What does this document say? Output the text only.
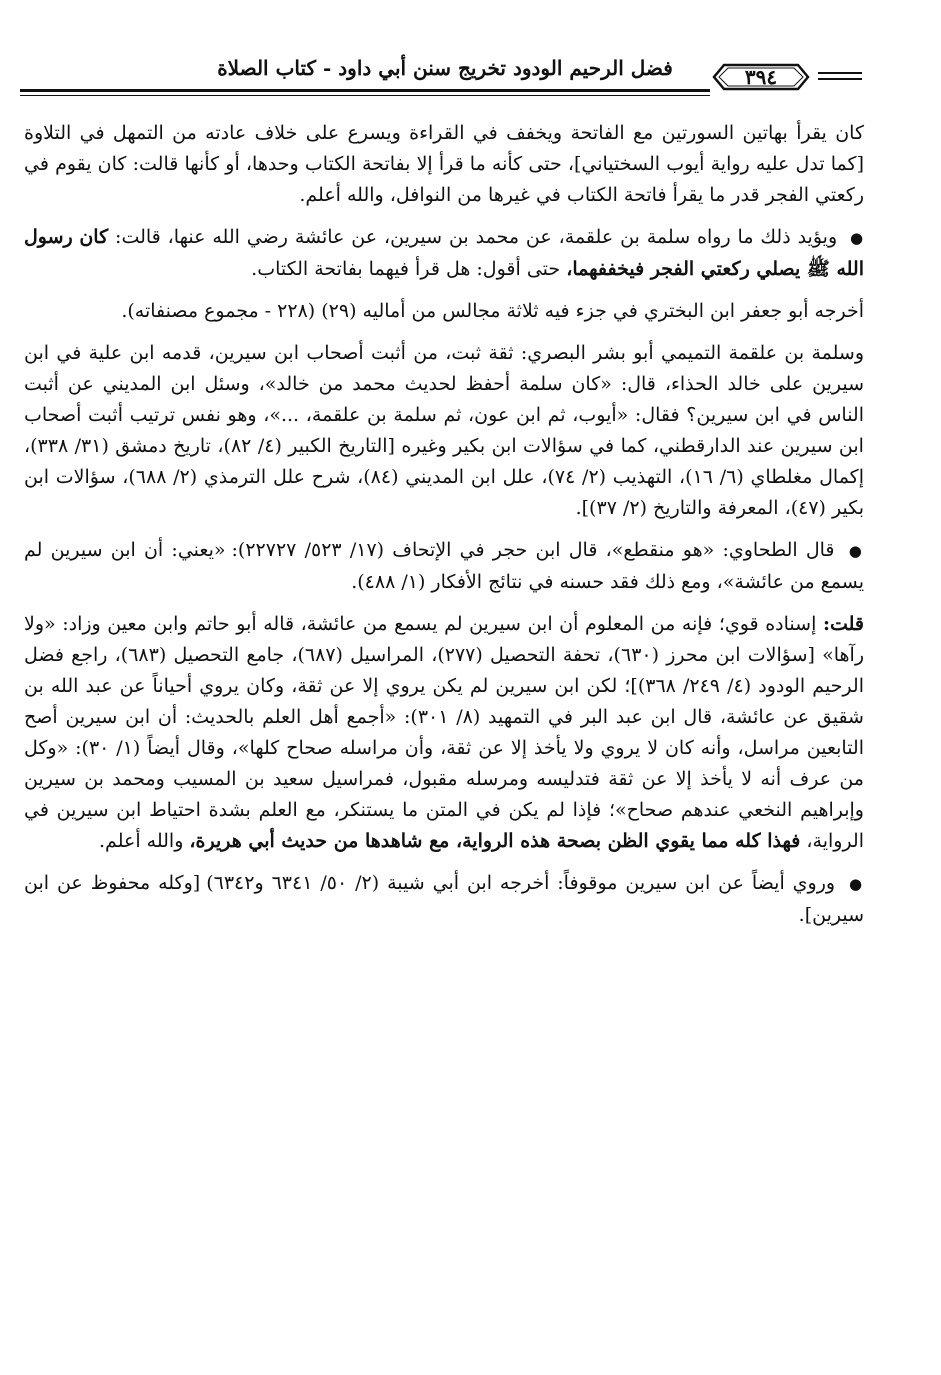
فضل الرحيم الودود تخريج سنن أبي داود - كتاب الصلاة	٣٩٤

كان يقرأ بهاتين السورتين مع الفاتحة ويخفف في القراءة ويسرع على خلاف عادته من التمهل في التلاوة [كما تدل عليه رواية أيوب السختياني]، حتى كأنه ما قرأ إلا بفاتحة الكتاب وحدها، أو كأنها قالت: كان يقوم في ركعتي الفجر قدر ما يقرأ فاتحة الكتاب في غيرها من النوافل، والله أعلم.

● ويؤيد ذلك ما رواه سلمة بن علقمة، عن محمد بن سيرين، عن عائشة رضي الله عنها، قالت: كان رسول الله ﷺ يصلي ركعتي الفجر فيخففهما، حتى أقول: هل قرأ فيهما بفاتحة الكتاب.

أخرجه أبو جعفر ابن البختري في جزء فيه ثلاثة مجالس من أماليه (٢٩) (٢٢٨ - مجموع مصنفاته).

وسلمة بن علقمة التميمي أبو بشر البصري: ثقة ثبت، من أثبت أصحاب ابن سيرين، قدمه ابن علية في ابن سيرين على خالد الحذاء، قال: «كان سلمة أحفظ لحديث محمد من خالد»، وسئل ابن المديني عن أثبت الناس في ابن سيرين؟ فقال: «أيوب، ثم ابن عون، ثم سلمة بن علقمة، ...»، وهو نفس ترتيب أثبت أصحاب ابن سيرين عند الدارقطني، كما في سؤالات ابن بكير وغيره [التاريخ الكبير (٤/ ٨٢)، تاريخ دمشق (٣١/ ٣٣٨)، إكمال مغلطاي (٦/ ١٦)، التهذيب (٢/ ٧٤)، علل ابن المديني (٨٤)، شرح علل الترمذي (٢/ ٦٨٨)، سؤالات ابن بكير (٤٧)، المعرفة والتاريخ (٢/ ٣٧)].

● قال الطحاوي: «هو منقطع»، قال ابن حجر في الإتحاف (١٧/ ٥٢٣/ ٢٢٧٢٧): «يعني: أن ابن سيرين لم يسمع من عائشة»، ومع ذلك فقد حسنه في نتائج الأفكار (١/ ٤٨٨).

قلت: إسناده قوي؛ فإنه من المعلوم أن ابن سيرين لم يسمع من عائشة، قاله أبو حاتم وابن معين وزاد: «ولا رآها» [سؤالات ابن محرز (٦٣٠)، تحفة التحصيل (٢٧٧)، المراسيل (٦٨٧)، جامع التحصيل (٦٨٣)، راجع فضل الرحيم الودود (٤/ ٢٤٩/ ٣٦٨)]؛ لكن ابن سيرين لم يكن يروي إلا عن ثقة، وكان يروي أحياناً عن عبد الله بن شقيق عن عائشة، قال ابن عبد البر في التمهيد (٨/ ٣٠١): «أجمع أهل العلم بالحديث: أن ابن سيرين أصح التابعين مراسل، وأنه كان لا يروي ولا يأخذ إلا عن ثقة، وأن مراسله صحاح كلها»، وقال أيضاً (١/ ٣٠): «وكل من عرف أنه لا يأخذ إلا عن ثقة فتدليسه ومرسله مقبول، فمراسيل سعيد بن المسيب ومحمد بن سيرين وإبراهيم النخعي عندهم صحاح»؛ فإذا لم يكن في المتن ما يستنكر، مع العلم بشدة احتياط ابن سيرين في الرواية، فهذا كله مما يقوي الظن بصحة هذه الرواية، مع شاهدها من حديث أبي هريرة، والله أعلم.

● وروي أيضاً عن ابن سيرين موقوفاً: أخرجه ابن أبي شيبة (٢/ ٥٠/ ٦٣٤١ و٦٣٤٢) [وكله محفوظ عن ابن سيرين].
